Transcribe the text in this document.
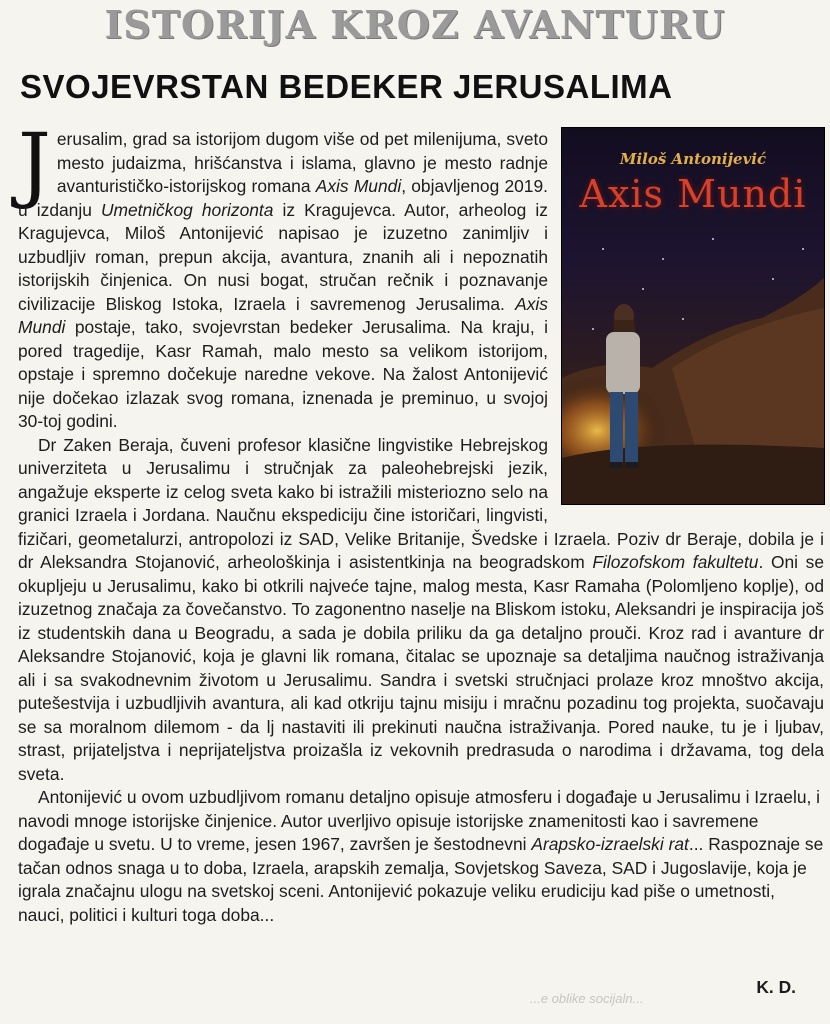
ISTORIJA KROZ AVANTURU
SVOJEVRSTAN BEDEKER JERUSALIMA
Miloš Antonijević
Axis Mundi

Jerusalim, grad sa istorijom dugom više od pet milenijuma, sveto mesto judaizma, hrišćanstva i islama, glavno je mesto radnje avanturističko-istorijskog romana Axis Mundi, objavljenog 2019. u izdanju Umetničkog horizonta iz Kragujevca. Autor, arheolog iz Kragujevca, Miloš Antonijević napisao je izuzetno zanimljiv i uzbudljiv roman, prepun akcija, avantura, znanih ali i nepoznatih istorijskih činjenica. On nusi bogat, stručan rečnik i poznavanje civilizacije Bliskog Istoka, Izraela i savremenog Jerusalima. Axis Mundi postaje, tako, svojevrstan bedeker Jerusalima. Na kraju, i pored tragedije, Kasr Ramah, malo mesto sa velikom istorijom, opstaje i spremno dočekuje naredne vekove. Na žalost Antonijević nije dočekao izlazak svog romana, iznenada je preminuo, u svojoj 30-toj godini.

Dr Zaken Beraja, čuveni profesor klasične lingvistike Hebrejskog univerziteta u Jerusalimu i stručnjak za paleohebrejski jezik, angažuje eksperte iz celog sveta kako bi istražili misteriozno selo na granici Izraela i Jordana. Naučnu ekspediciju čine istoričari, lingvisti, fizičari, geometalurzi, antropolozi iz SAD, Velike Britanije, Švedske i Izraela. Poziv dr Beraje, dobila je i dr Aleksandra Stojanović, arheološkinja i asistentkinja na beogradskom Filozofskom fakultetu. Oni se okupljeju u Jerusalimu, kako bi otkrili najveće tajne, malog mesta, Kasr Ramaha (Polomljeno koplje), od izuzetnog značaja za čovečanstvo. To zagonentno naselje na Bliskom istoku, Aleksandri je inspiracija još iz studentskih dana u Beogradu, a sada je dobila priliku da ga detaljno prouči. Kroz rad i avanture dr Aleksandre Stojanović, koja je glavni lik romana, čitalac se upoznaje sa detaljima naučnog istraživanja ali i sa svakodnevnim životom u Jerusalimu. Sandra i svetski stručnjaci prolaze kroz mnoštvo akcija, putešestvija i uzbudljivih avantura, ali kad otkriju tajnu misiju i mračnu pozadinu tog projekta, suočavaju se sa moralnom dilemom - da lj nastaviti ili prekinuti naučna istraživanja. Pored nauke, tu je i ljubav, strast, prijateljstva i neprijateljstva proizašla iz vekovnih predrasuda o narodima i državama, tog dela sveta.

Antonijević u ovom uzbudljivom romanu detaljno opisuje atmosferu i događaje u Jerusalimu i Izraelu, i navodi mnoge istorijske činjenice. Autor uverljivo opisuje istorijske znamenitosti kao i savremene događaje u svetu. U to vreme, jesen 1967, završen je šestodnevni Arapsko-izraelski rat... Raspoznaje se tačan odnos snaga u to doba, Izraela, arapskih zemalja, Sovjetskog Saveza, SAD i Jugoslavije, koja je igrala značajnu ulogu na svetskoj sceni. Antonijević pokazuje veliku erudiciju kad piše o umetnosti, nauci, politici i kulturi toga doba...

...e oblike socijaln...
K. D.
